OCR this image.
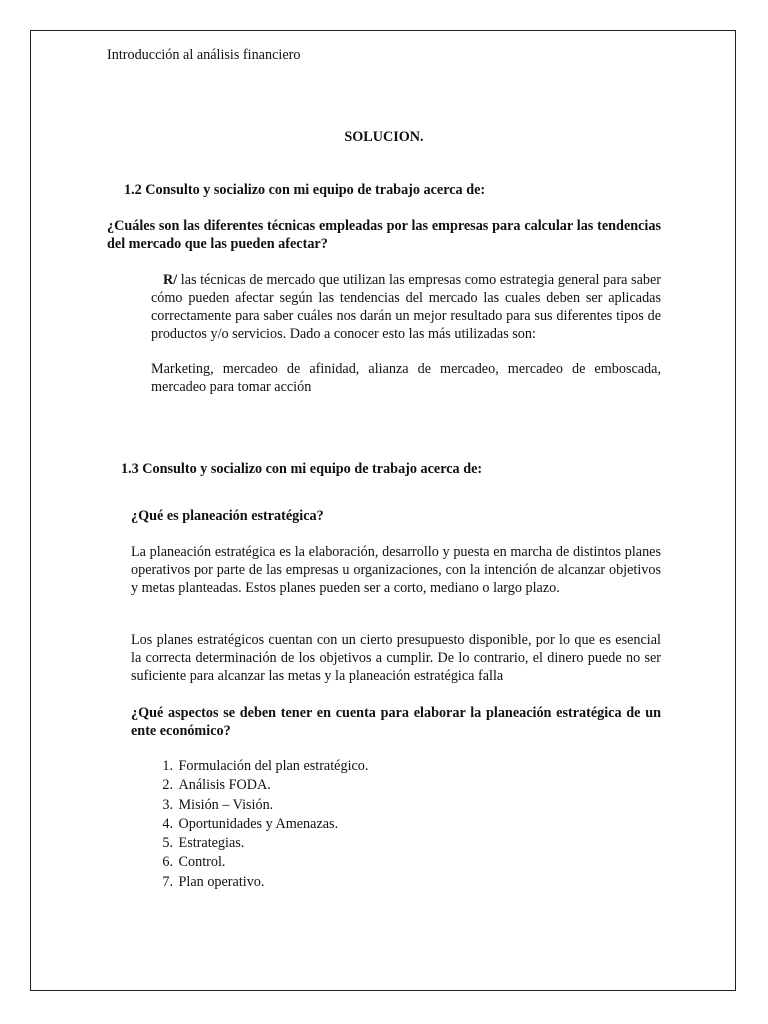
Introducción al análisis financiero

SOLUCION.

1.2 Consulto y socializo con mi equipo de trabajo acerca de:

¿Cuáles son las diferentes técnicas empleadas por las empresas para calcular las tendencias del mercado que las pueden afectar?

R/ las técnicas de mercado que utilizan las empresas como estrategia general para saber cómo pueden afectar según las tendencias del mercado las cuales deben ser aplicadas correctamente para saber cuáles nos darán un mejor resultado para sus diferentes tipos de productos y/o servicios. Dado a conocer esto las más utilizadas son:

Marketing, mercadeo de afinidad, alianza de mercadeo, mercadeo de emboscada, mercadeo para tomar acción

1.3 Consulto y socializo con mi equipo de trabajo acerca de:

¿Qué es planeación estratégica?

La planeación estratégica es la elaboración, desarrollo y puesta en marcha de distintos planes operativos por parte de las empresas u organizaciones, con la intención de alcanzar objetivos y metas planteadas. Estos planes pueden ser a corto, mediano o largo plazo.

Los planes estratégicos cuentan con un cierto presupuesto disponible, por lo que es esencial la correcta determinación de los objetivos a cumplir. De lo contrario, el dinero puede no ser suficiente para alcanzar las metas y la planeación estratégica falla

¿Qué aspectos se deben tener en cuenta para elaborar la planeación estratégica de un ente económico?

1.
Formulación del plan estratégico.
2.
Análisis FODA.
3.
Misión – Visión.
4.
Oportunidades y Amenazas.
5.
Estrategias.
6.
Control.
7.
Plan operativo.
